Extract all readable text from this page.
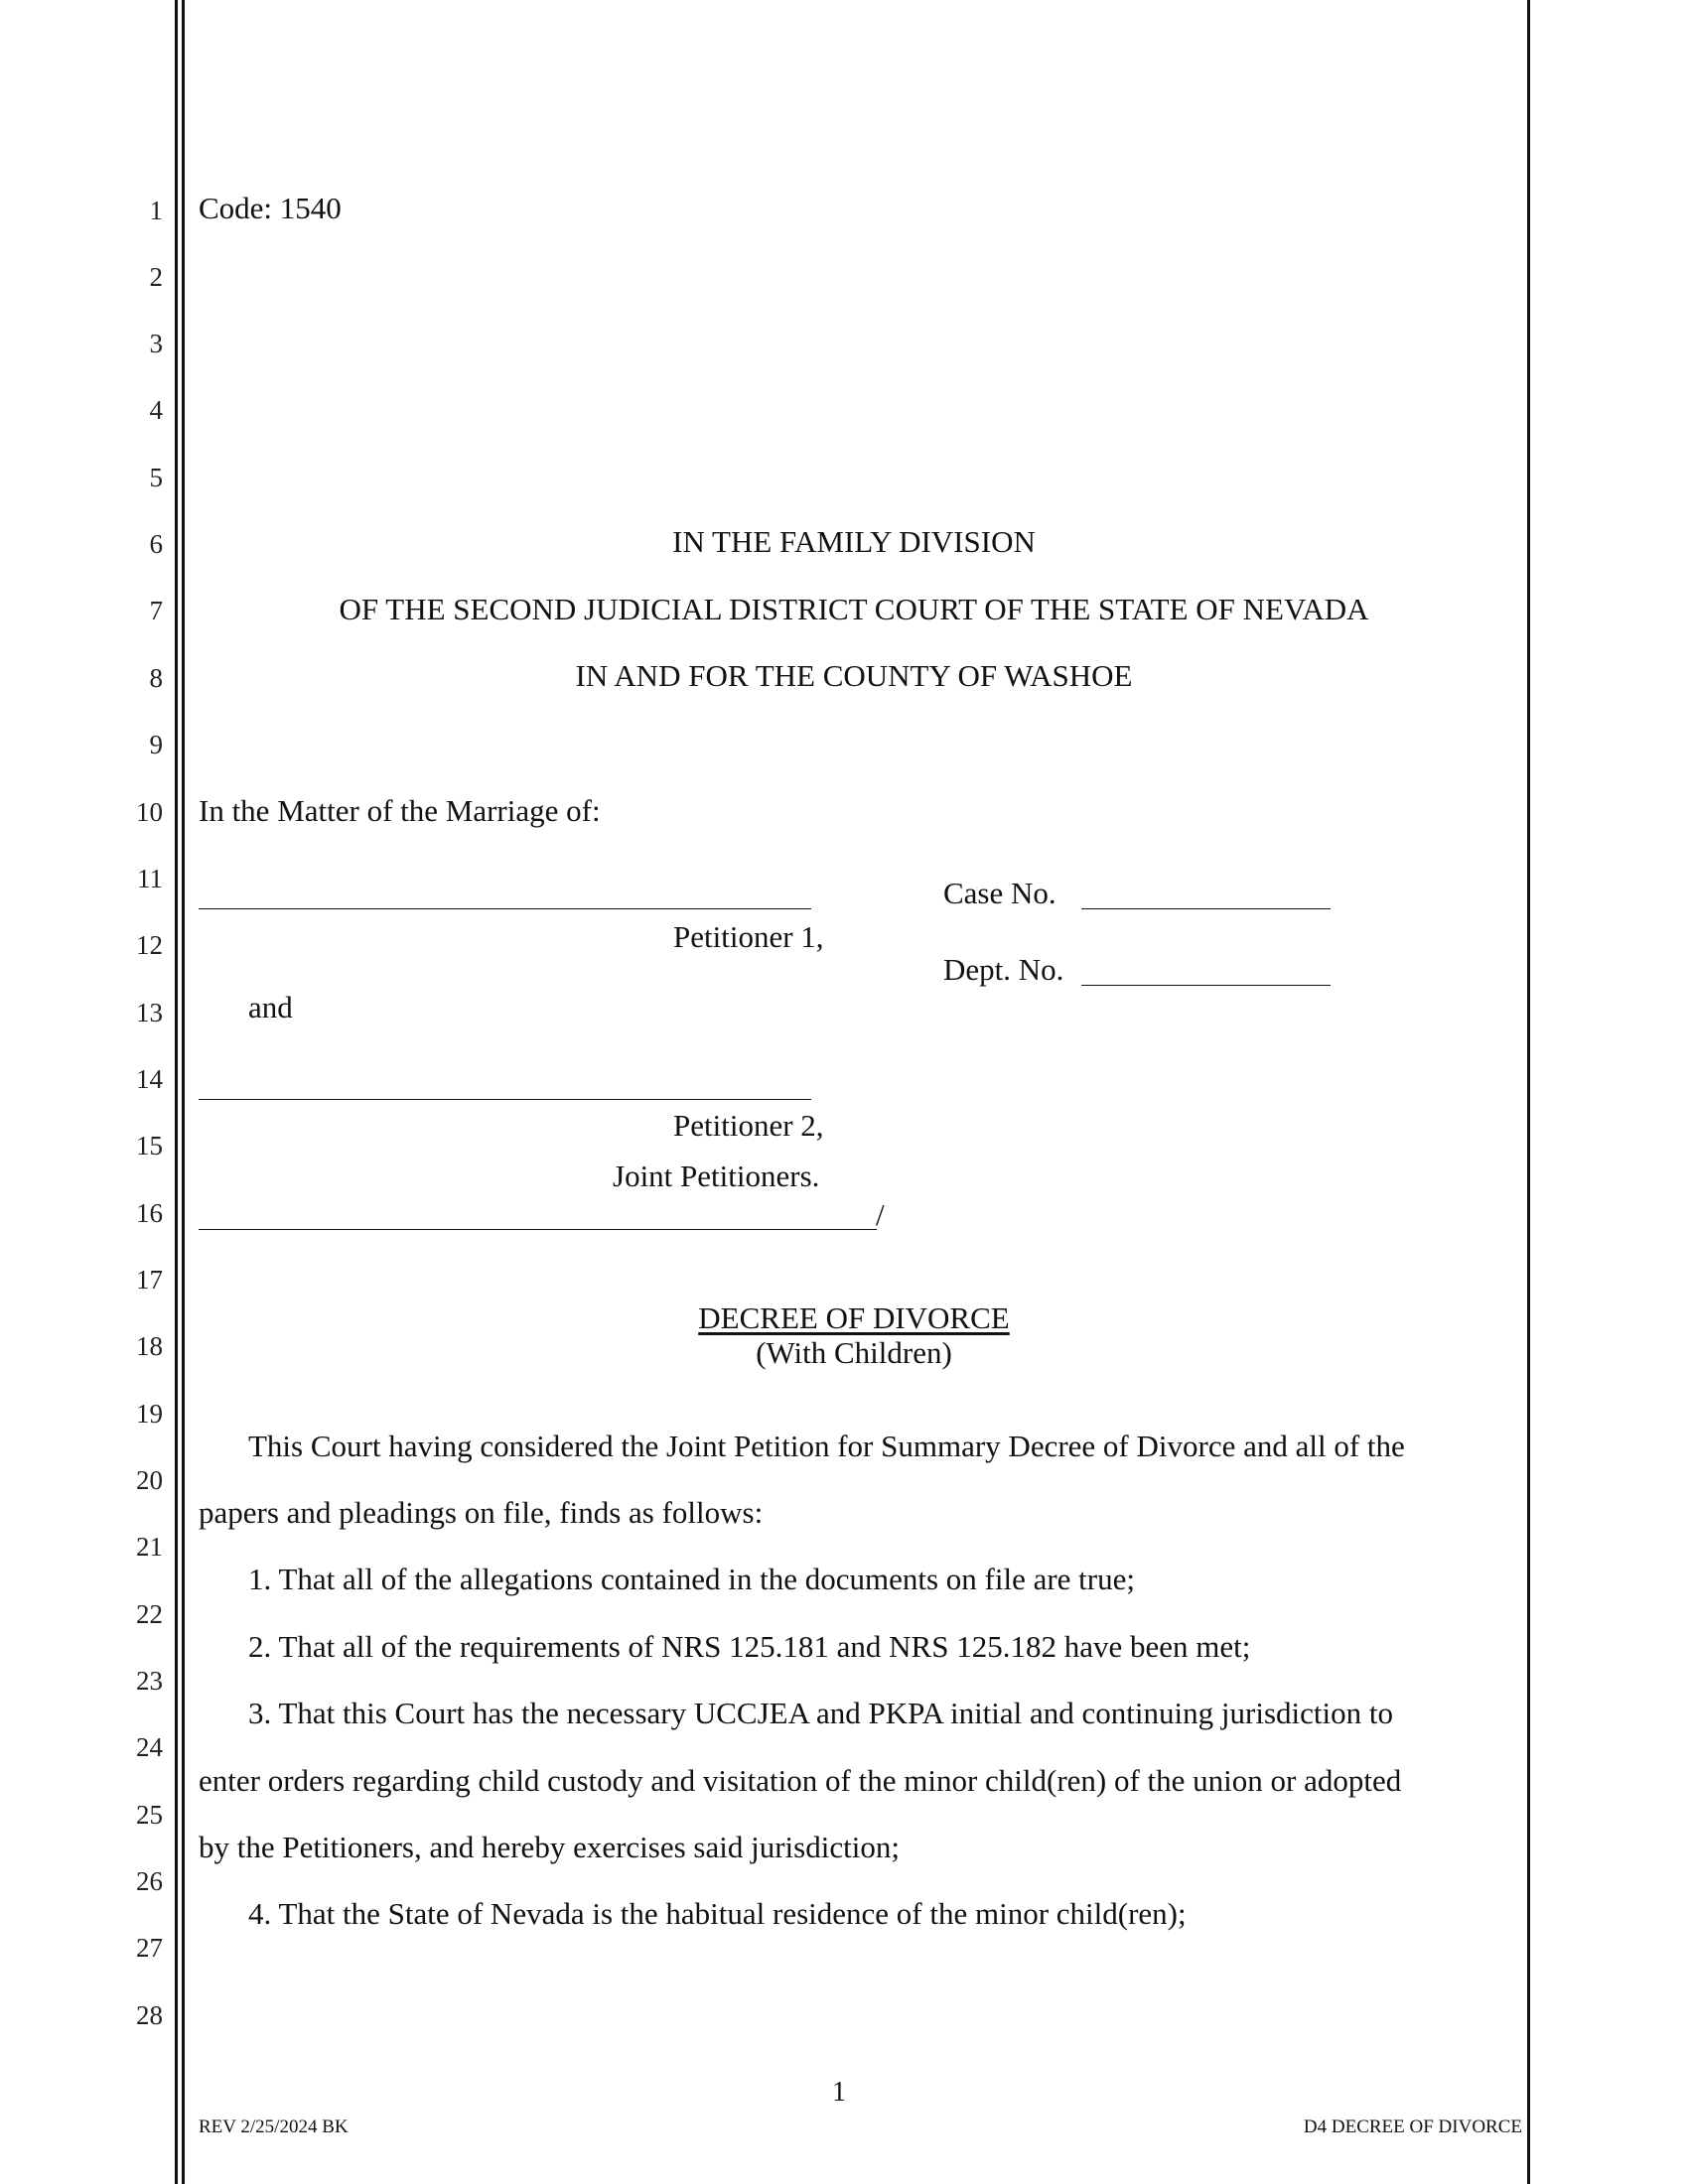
1
2
3
4
5
6
7
8
9
10
11
12
13
14
15
16
17
18
19
20
21
22
23
24
25
26
27
28
Code: 1540
IN THE FAMILY DIVISION
OF THE SECOND JUDICIAL DISTRICT COURT OF THE STATE OF NEVADA
IN AND FOR THE COUNTY OF WASHOE
In the Matter of the Marriage of:
Petitioner 1,
and
Petitioner 2,
Joint Petitioners.
/
Case No.
Dept. No.
DECREE OF DIVORCE
(With Children)
This Court having considered the Joint Petition for Summary Decree of Divorce and all of the
papers and pleadings on file, finds as follows:
1. That all of the allegations contained in the documents on file are true;
2. That all of the requirements of NRS 125.181 and NRS 125.182 have been met;
3. That this Court has the necessary UCCJEA and PKPA initial and continuing jurisdiction to
enter orders regarding child custody and visitation of the minor child(ren) of the union or adopted
by the Petitioners, and hereby exercises said jurisdiction;
4. That the State of Nevada is the habitual residence of the minor child(ren);
1
REV 2/25/2024 BK	D4 DECREE OF DIVORCE
